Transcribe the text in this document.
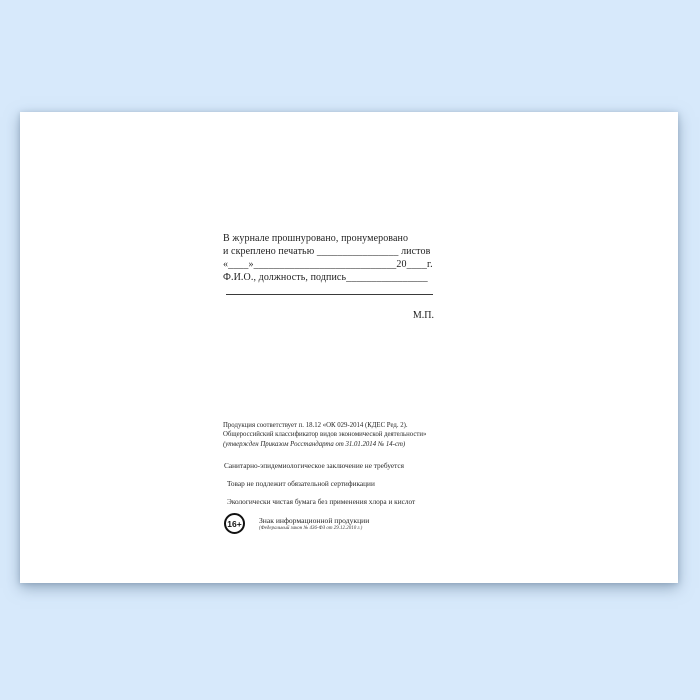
В журнале прошнуровано, пронумеровано
и скреплено печатью ________________ листов
«____»____________________________20____г.
Ф.И.О., должность, подпись________________
М.П.
Продукция соответствует п. 18.12 «ОК 029-2014 (КДЕС Ред. 2).
Общероссийский классификатор видов экономической деятельности»
(утвержден Приказом Росстандарта от 31.01.2014 № 14-ст)
Санитарно-эпидемиологическое заключение не требуется
Товар не подлежит обязательной сертификации
Экологически чистая бумага без применения хлора и кислот
16+	Знак информационной продукции
(Федеральный закон № 436-ФЗ от 29.12.2010 г.)
